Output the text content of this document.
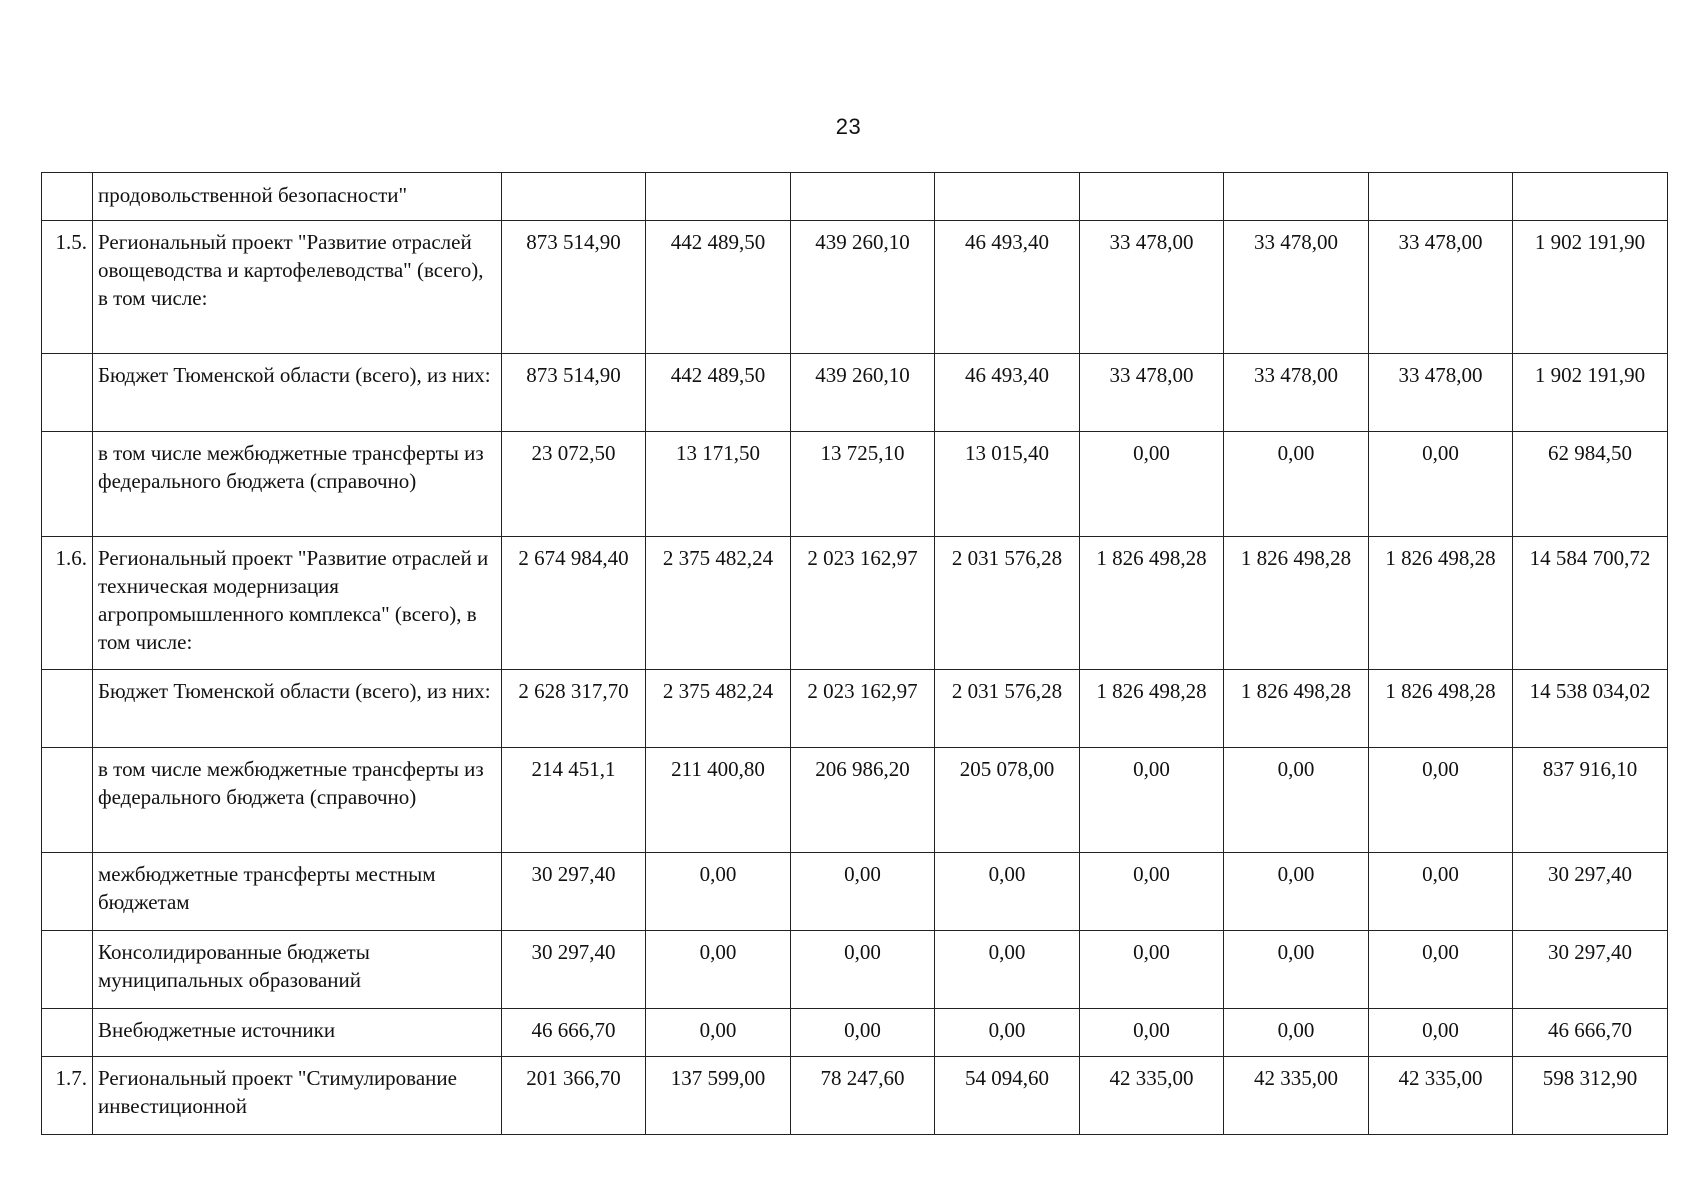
23
	продовольственной безопасности"								
1.5.	Региональный проект "Развитие отраслей овощеводства и картофелеводства" (всего), в том числе:	873 514,90	442 489,50	439 260,10	46 493,40	33 478,00	33 478,00	33 478,00	1 902 191,90
	Бюджет Тюменской области (всего), из них:	873 514,90	442 489,50	439 260,10	46 493,40	33 478,00	33 478,00	33 478,00	1 902 191,90
	в том числе межбюджетные трансферты из федерального бюджета (справочно)	23 072,50	13 171,50	13 725,10	13 015,40	0,00	0,00	0,00	62 984,50
1.6.	Региональный проект "Развитие отраслей и техническая модернизация агропромышленного комплекса" (всего), в том числе:	2 674 984,40	2 375 482,24	2 023 162,97	2 031 576,28	1 826 498,28	1 826 498,28	1 826 498,28	14 584 700,72
	Бюджет Тюменской области (всего), из них:	2 628 317,70	2 375 482,24	2 023 162,97	2 031 576,28	1 826 498,28	1 826 498,28	1 826 498,28	14 538 034,02
	в том числе межбюджетные трансферты из федерального бюджета (справочно)	214 451,1	211 400,80	206 986,20	205 078,00	0,00	0,00	0,00	837 916,10
	межбюджетные трансферты местным бюджетам	30 297,40	0,00	0,00	0,00	0,00	0,00	0,00	30 297,40
	Консолидированные бюджеты муниципальных образований	30 297,40	0,00	0,00	0,00	0,00	0,00	0,00	30 297,40
	Внебюджетные источники	46 666,70	0,00	0,00	0,00	0,00	0,00	0,00	46 666,70
1.7.	Региональный проект "Стимулирование инвестиционной	201 366,70	137 599,00	78 247,60	54 094,60	42 335,00	42 335,00	42 335,00	598 312,90
